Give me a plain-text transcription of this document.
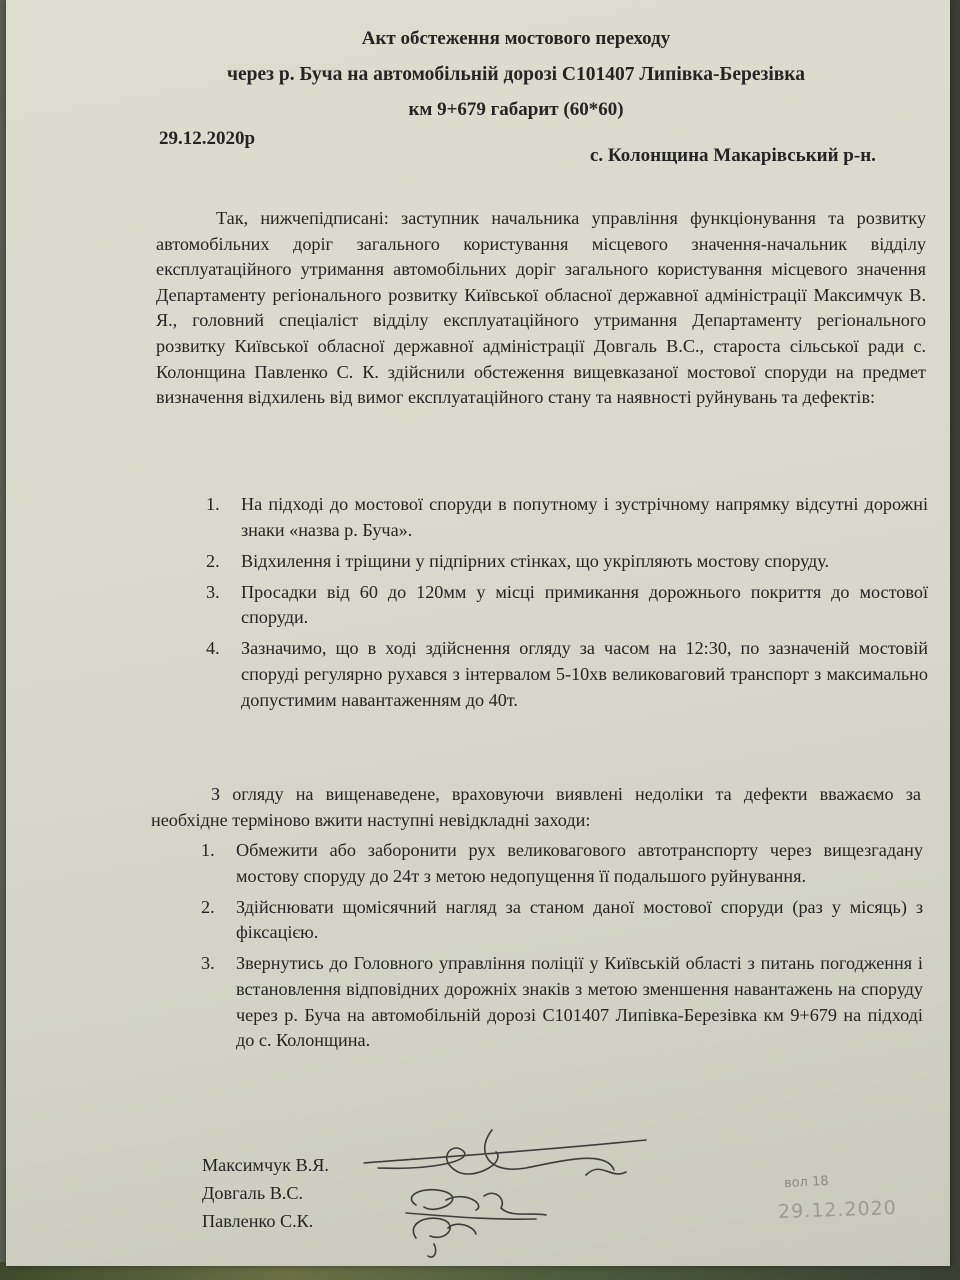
Акт обстеження мостового переходу
через р. Буча на автомобільній дорозі С101407 Липівка-Березівка
км 9+679 габарит (60*60)
29.12.2020р
с. Колонщина Макарівський р-н.
Так, нижчепідписані: заступник начальника управління функціонування та розвитку автомобільних доріг загального користування місцевого значення-начальник відділу експлуатаційного утримання автомобільних доріг загального користування місцевого значення Департаменту регіонального розвитку Київської обласної державної адміністрації Максимчук В. Я., головний спеціаліст відділу експлуатаційного утримання Департаменту регіонального розвитку Київської обласної державної адміністрації Довгаль В.С., староста сільської ради с. Колонщина Павленко С. К. здійснили обстеження вищевказаної мостової споруди на предмет визначення відхилень від вимог експлуатаційного стану та наявності руйнувань та дефектів:
1. На підході до мостової споруди в попутному і зустрічному напрямку відсутні дорожні знаки «назва р. Буча».
2. Відхилення і тріщини у підпірних стінках, що укріпляють мостову споруду.
3. Просадки від 60 до 120мм у місці примикання дорожнього покриття до мостової споруди.
4. Зазначимо, що в ході здійснення огляду за часом на 12:30, по зазначеній мостовій споруді регулярно рухався з інтервалом 5-10хв великоваговий транспорт з максимально допустимим навантаженням до 40т.
З огляду на вищенаведене, враховуючи виявлені недоліки та дефекти вважаємо за необхідне терміново вжити наступні невідкладні заходи:
1. Обмежити або заборонити рух великовагового автотранспорту через вищезгадану мостову споруду до 24т з метою недопущення її подальшого руйнування.
2. Здійснювати щомісячний нагляд за станом даної мостової споруди (раз у місяць) з фіксацією.
3. Звернутись до Головного управління поліції у Київській області з питань погодження і встановлення відповідних дорожніх знаків з метою зменшення навантажень на споруду через р. Буча на автомобільній дорозі С101407 Липівка-Березівка км 9+679 на підході до с. Колонщина.
Максимчук В.Я.
Довгаль В.С.
Павленко С.К.
вол 18
29.12.2020
